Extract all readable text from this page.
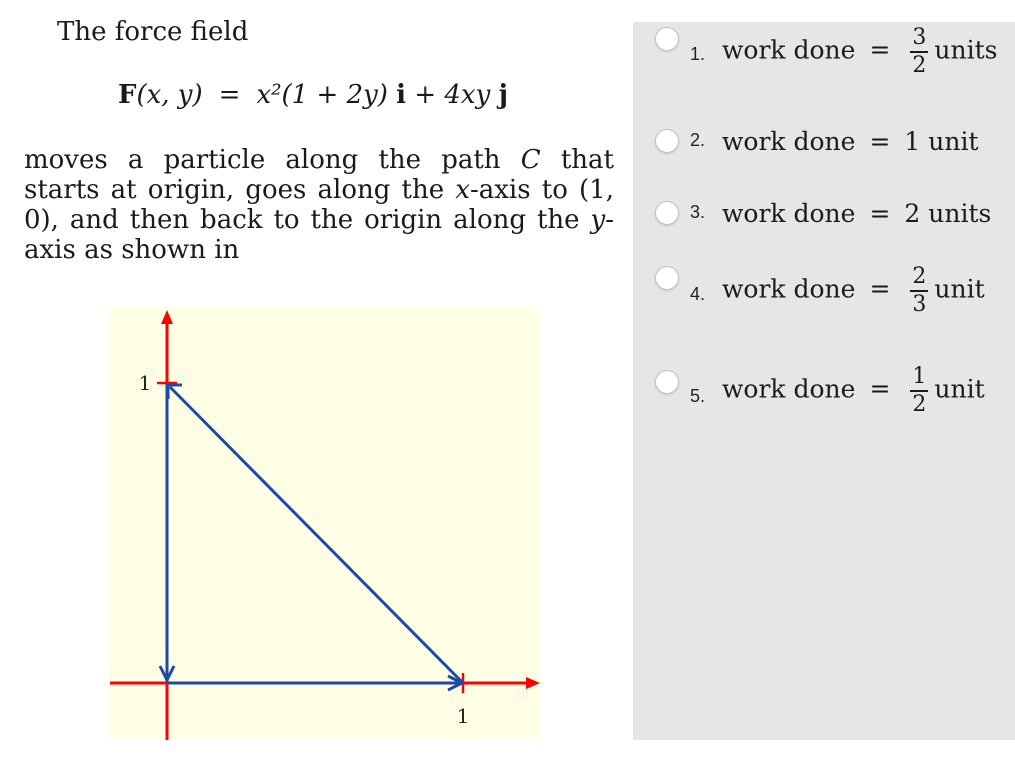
The force field
F(x, y) = x²(1 + 2y) i + 4xy j
moves a particle along the path C that starts at origin, goes along the x-axis to (1, 0), and then back to the origin along the y-axis as shown in
1
1
1. work done = $\frac{3}{2}$ units
2. work done = 1 unit
3. work done = 2 units
4. work done = $\frac{2}{3}$ unit
5. work done = $\frac{1}{2}$ unit
